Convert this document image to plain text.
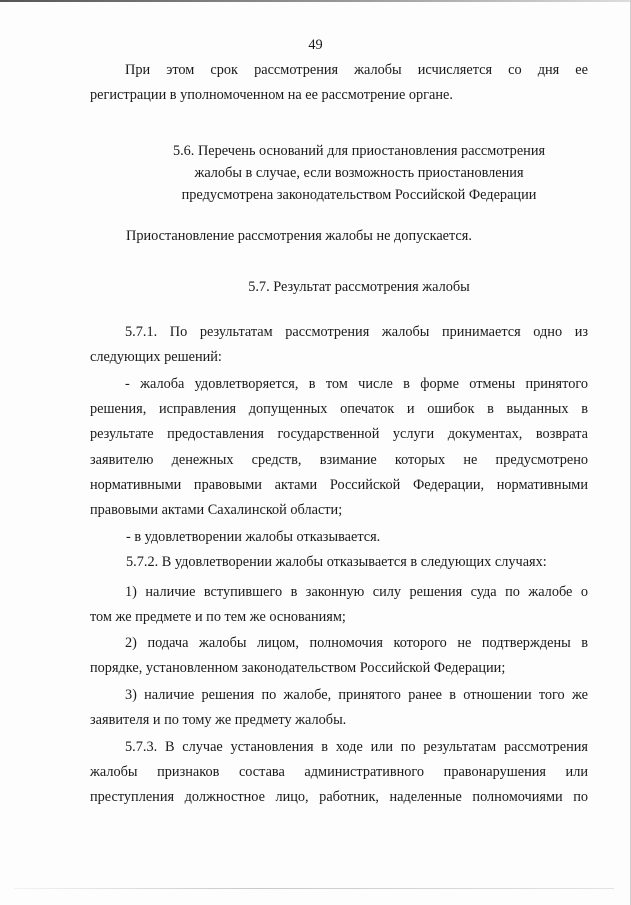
49
При этом срок рассмотрения жалобы исчисляется со дня ее
регистрации в уполномоченном на ее рассмотрение органе.
5.6. Перечень оснований для приостановления рассмотрения
жалобы в случае, если возможность приостановления
предусмотрена законодательством Российской Федерации
Приостановление рассмотрения жалобы не допускается.
5.7. Результат рассмотрения жалобы
5.7.1. По результатам рассмотрения жалобы принимается одно из
следующих решений:
- жалоба удовлетворяется, в том числе в форме отмены принятого
решения, исправления допущенных опечаток и ошибок в выданных в
результате предоставления государственной услуги документах, возврата
заявителю денежных средств, взимание которых не предусмотрено
нормативными правовыми актами Российской Федерации, нормативными
правовыми актами Сахалинской области;
- в удовлетворении жалобы отказывается.
5.7.2. В удовлетворении жалобы отказывается в следующих случаях:
1) наличие вступившего в законную силу решения суда по жалобе о
том же предмете и по тем же основаниям;
2) подача жалобы лицом, полномочия которого не подтверждены в
порядке, установленном законодательством Российской Федерации;
3) наличие решения по жалобе, принятого ранее в отношении того же
заявителя и по тому же предмету жалобы.
5.7.3. В случае установления в ходе или по результатам рассмотрения
жалобы признаков состава административного правонарушения или
преступления должностное лицо, работник, наделенные полномочиями по
